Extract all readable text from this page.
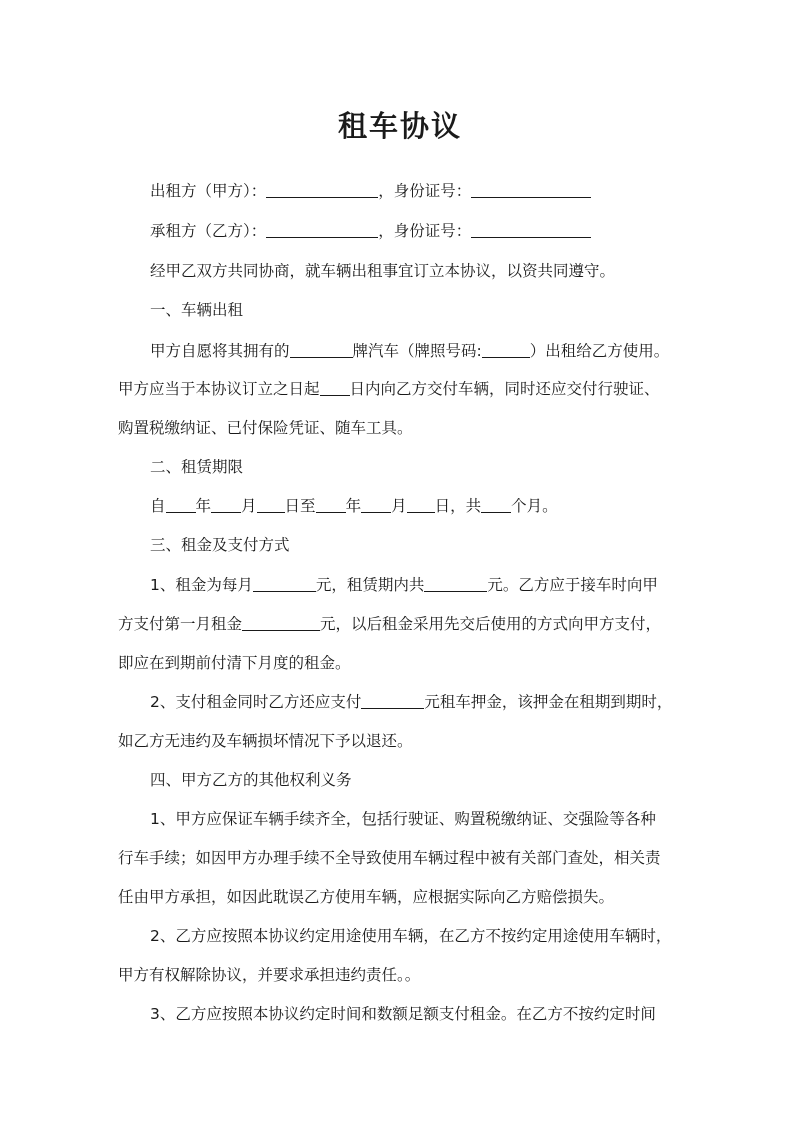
租车协议

出租方（甲方）：	，身份证号：

承租方（乙方）：	，身份证号：

经甲乙双方共同协商，就车辆出租事宜订立本协议，以资共同遵守。

一、车辆出租

甲方自愿将其拥有的	牌汽车（牌照号码:	）出租给乙方使用。

甲方应当于本协议订立之日起 日内向乙方交付车辆，同时还应交付行驶证、

购置税缴纳证、已付保险凭证、随车工具。

二、租赁期限

自 年 月 日至 年 月 日，共 个月。

三、租金及支付方式

1、租金为每月	元，租赁期内共	元。乙方应于接车时向甲

方支付第一月租金	元，以后租金采用先交后使用的方式向甲方支付，

即应在到期前付清下月度的租金。

2、支付租金同时乙方还应支付	元租车押金，该押金在租期到期时，

如乙方无违约及车辆损坏情况下予以退还。

四、甲方乙方的其他权利义务

1、甲方应保证车辆手续齐全，包括行驶证、购置税缴纳证、交强险等各种

行车手续；如因甲方办理手续不全导致使用车辆过程中被有关部门查处，相关责

任由甲方承担，如因此耽误乙方使用车辆，应根据实际向乙方赔偿损失。

2、乙方应按照本协议约定用途使用车辆，在乙方不按约定用途使用车辆时，

甲方有权解除协议，并要求承担违约责任。。

3、乙方应按照本协议约定时间和数额足额支付租金。在乙方不按约定时间
